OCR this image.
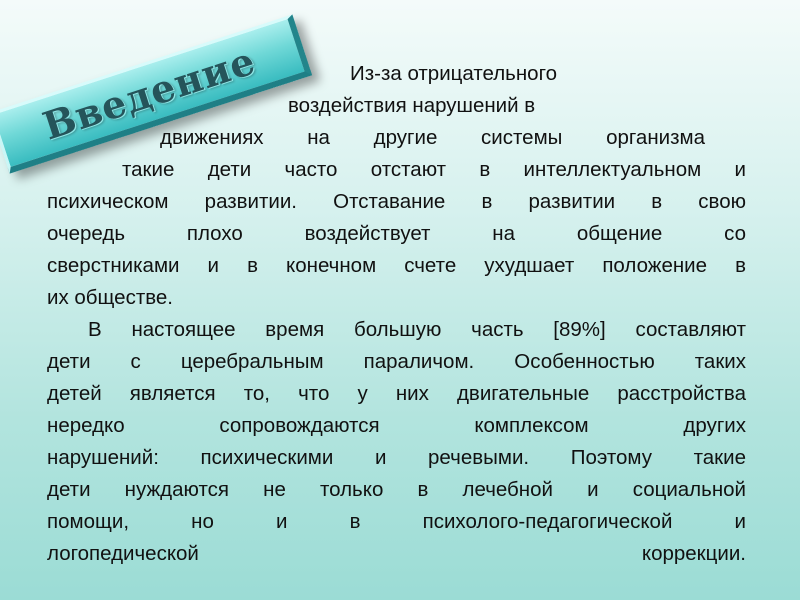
Введение	Из-за отрицательного
воздействия нарушений в
движениях на другие системы организма
такие дети часто отстают в интеллектуальном и
психическом развитии. Отставание в развитии в свою
очередь плохо воздействует на общение со
сверстниками и в конечном счете ухудшает положение в
их обществе.
В настоящее время большую часть [89%] составляют
дети с церебральным параличом. Особенностью таких
детей является то, что у них двигательные расстройства
нередко сопровождаются комплексом других
нарушений: психическими и речевыми. Поэтому такие
дети нуждаются не только в лечебной и социальной
помощи, но и в психолого-педагогической и
логопедической коррекции.
